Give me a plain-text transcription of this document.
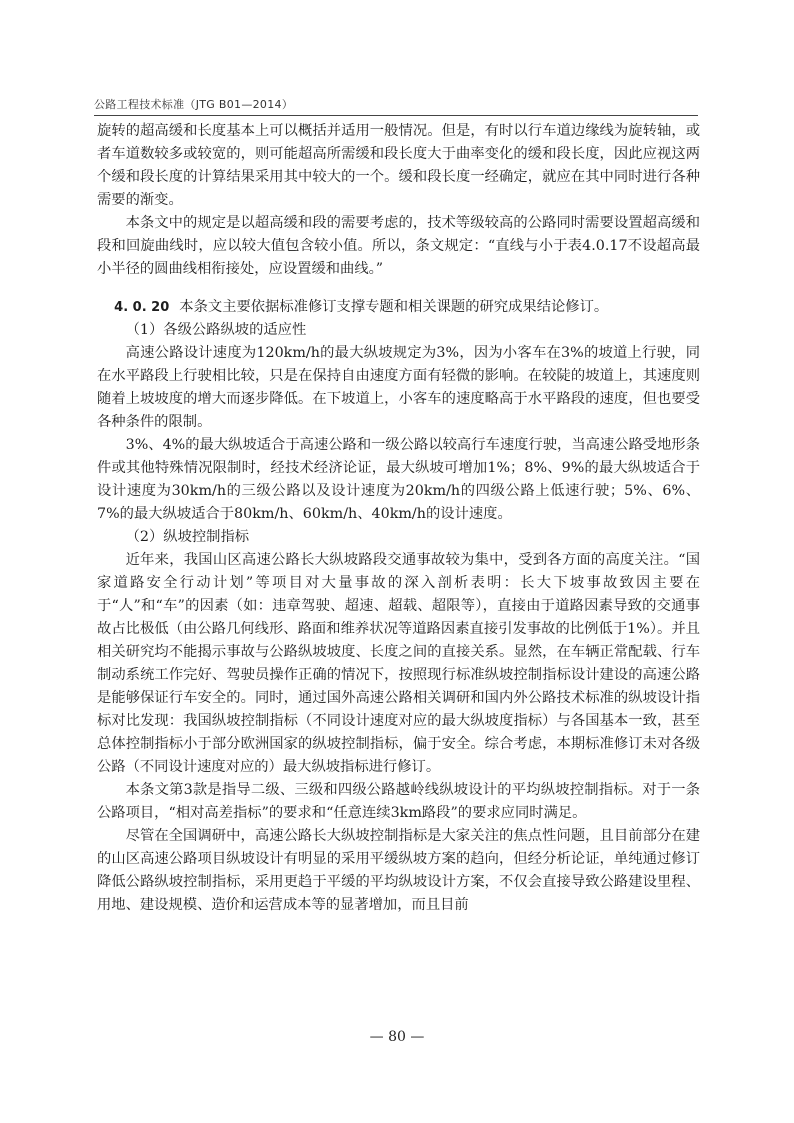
公路工程技术标准（JTG B01—2014）

旋转的超高缓和长度基本上可以概括并适用一般情况。但是，有时以行车道边缘线为旋转轴，或者车道数较多或较宽的，则可能超高所需缓和段长度大于曲率变化的缓和段长度，因此应视这两个缓和段长度的计算结果采用其中较大的一个。缓和段长度一经确定，就应在其中同时进行各种需要的渐变。

本条文中的规定是以超高缓和段的需要考虑的，技术等级较高的公路同时需要设置超高缓和段和回旋曲线时，应以较大值包含较小值。所以，条文规定：“直线与小于表4.0.17不设超高最小半径的圆曲线相衔接处，应设置缓和曲线。”

4. 0. 20 本条文主要依据标准修订支撑专题和相关课题的研究成果结论修订。

（1）各级公路纵坡的适应性

高速公路设计速度为120km/h的最大纵坡规定为3%，因为小客车在3%的坡道上行驶，同在水平路段上行驶相比较，只是在保持自由速度方面有轻微的影响。在较陡的坡道上，其速度则随着上坡坡度的增大而逐步降低。在下坡道上，小客车的速度略高于水平路段的速度，但也要受各种条件的限制。

3%、4%的最大纵坡适合于高速公路和一级公路以较高行车速度行驶，当高速公路受地形条件或其他特殊情况限制时，经技术经济论证，最大纵坡可增加1%；8%、9%的最大纵坡适合于设计速度为30km/h的三级公路以及设计速度为20km/h的四级公路上低速行驶；5%、6%、7%的最大纵坡适合于80km/h、60km/h、40km/h的设计速度。

（2）纵坡控制指标

近年来，我国山区高速公路长大纵坡路段交通事故较为集中，受到各方面的高度关注。“国家道路安全行动计划”等项目对大量事故的深入剖析表明：长大下坡事故致因主要在于“人”和“车”的因素（如：违章驾驶、超速、超载、超限等），直接由于道路因素导致的交通事故占比极低（由公路几何线形、路面和维养状况等道路因素直接引发事故的比例低于1%）。并且相关研究均不能揭示事故与公路纵坡坡度、长度之间的直接关系。显然，在车辆正常配载、行车制动系统工作完好、驾驶员操作正确的情况下，按照现行标准纵坡控制指标设计建设的高速公路是能够保证行车安全的。同时，通过国外高速公路相关调研和国内外公路技术标准的纵坡设计指标对比发现：我国纵坡控制指标（不同设计速度对应的最大纵坡度指标）与各国基本一致，甚至总体控制指标小于部分欧洲国家的纵坡控制指标，偏于安全。综合考虑，本期标准修订未对各级公路（不同设计速度对应的）最大纵坡指标进行修订。

本条文第3款是指导二级、三级和四级公路越岭线纵坡设计的平均纵坡控制指标。对于一条公路项目，“相对高差指标”的要求和“任意连续3km路段”的要求应同时满足。

尽管在全国调研中，高速公路长大纵坡控制指标是大家关注的焦点性问题，且目前部分在建的山区高速公路项目纵坡设计有明显的采用平缓纵坡方案的趋向，但经分析论证，单纯通过修订降低公路纵坡控制指标，采用更趋于平缓的平均纵坡设计方案，不仅会直接导致公路建设里程、用地、建设规模、造价和运营成本等的显著增加，而且目前

— 80 —
